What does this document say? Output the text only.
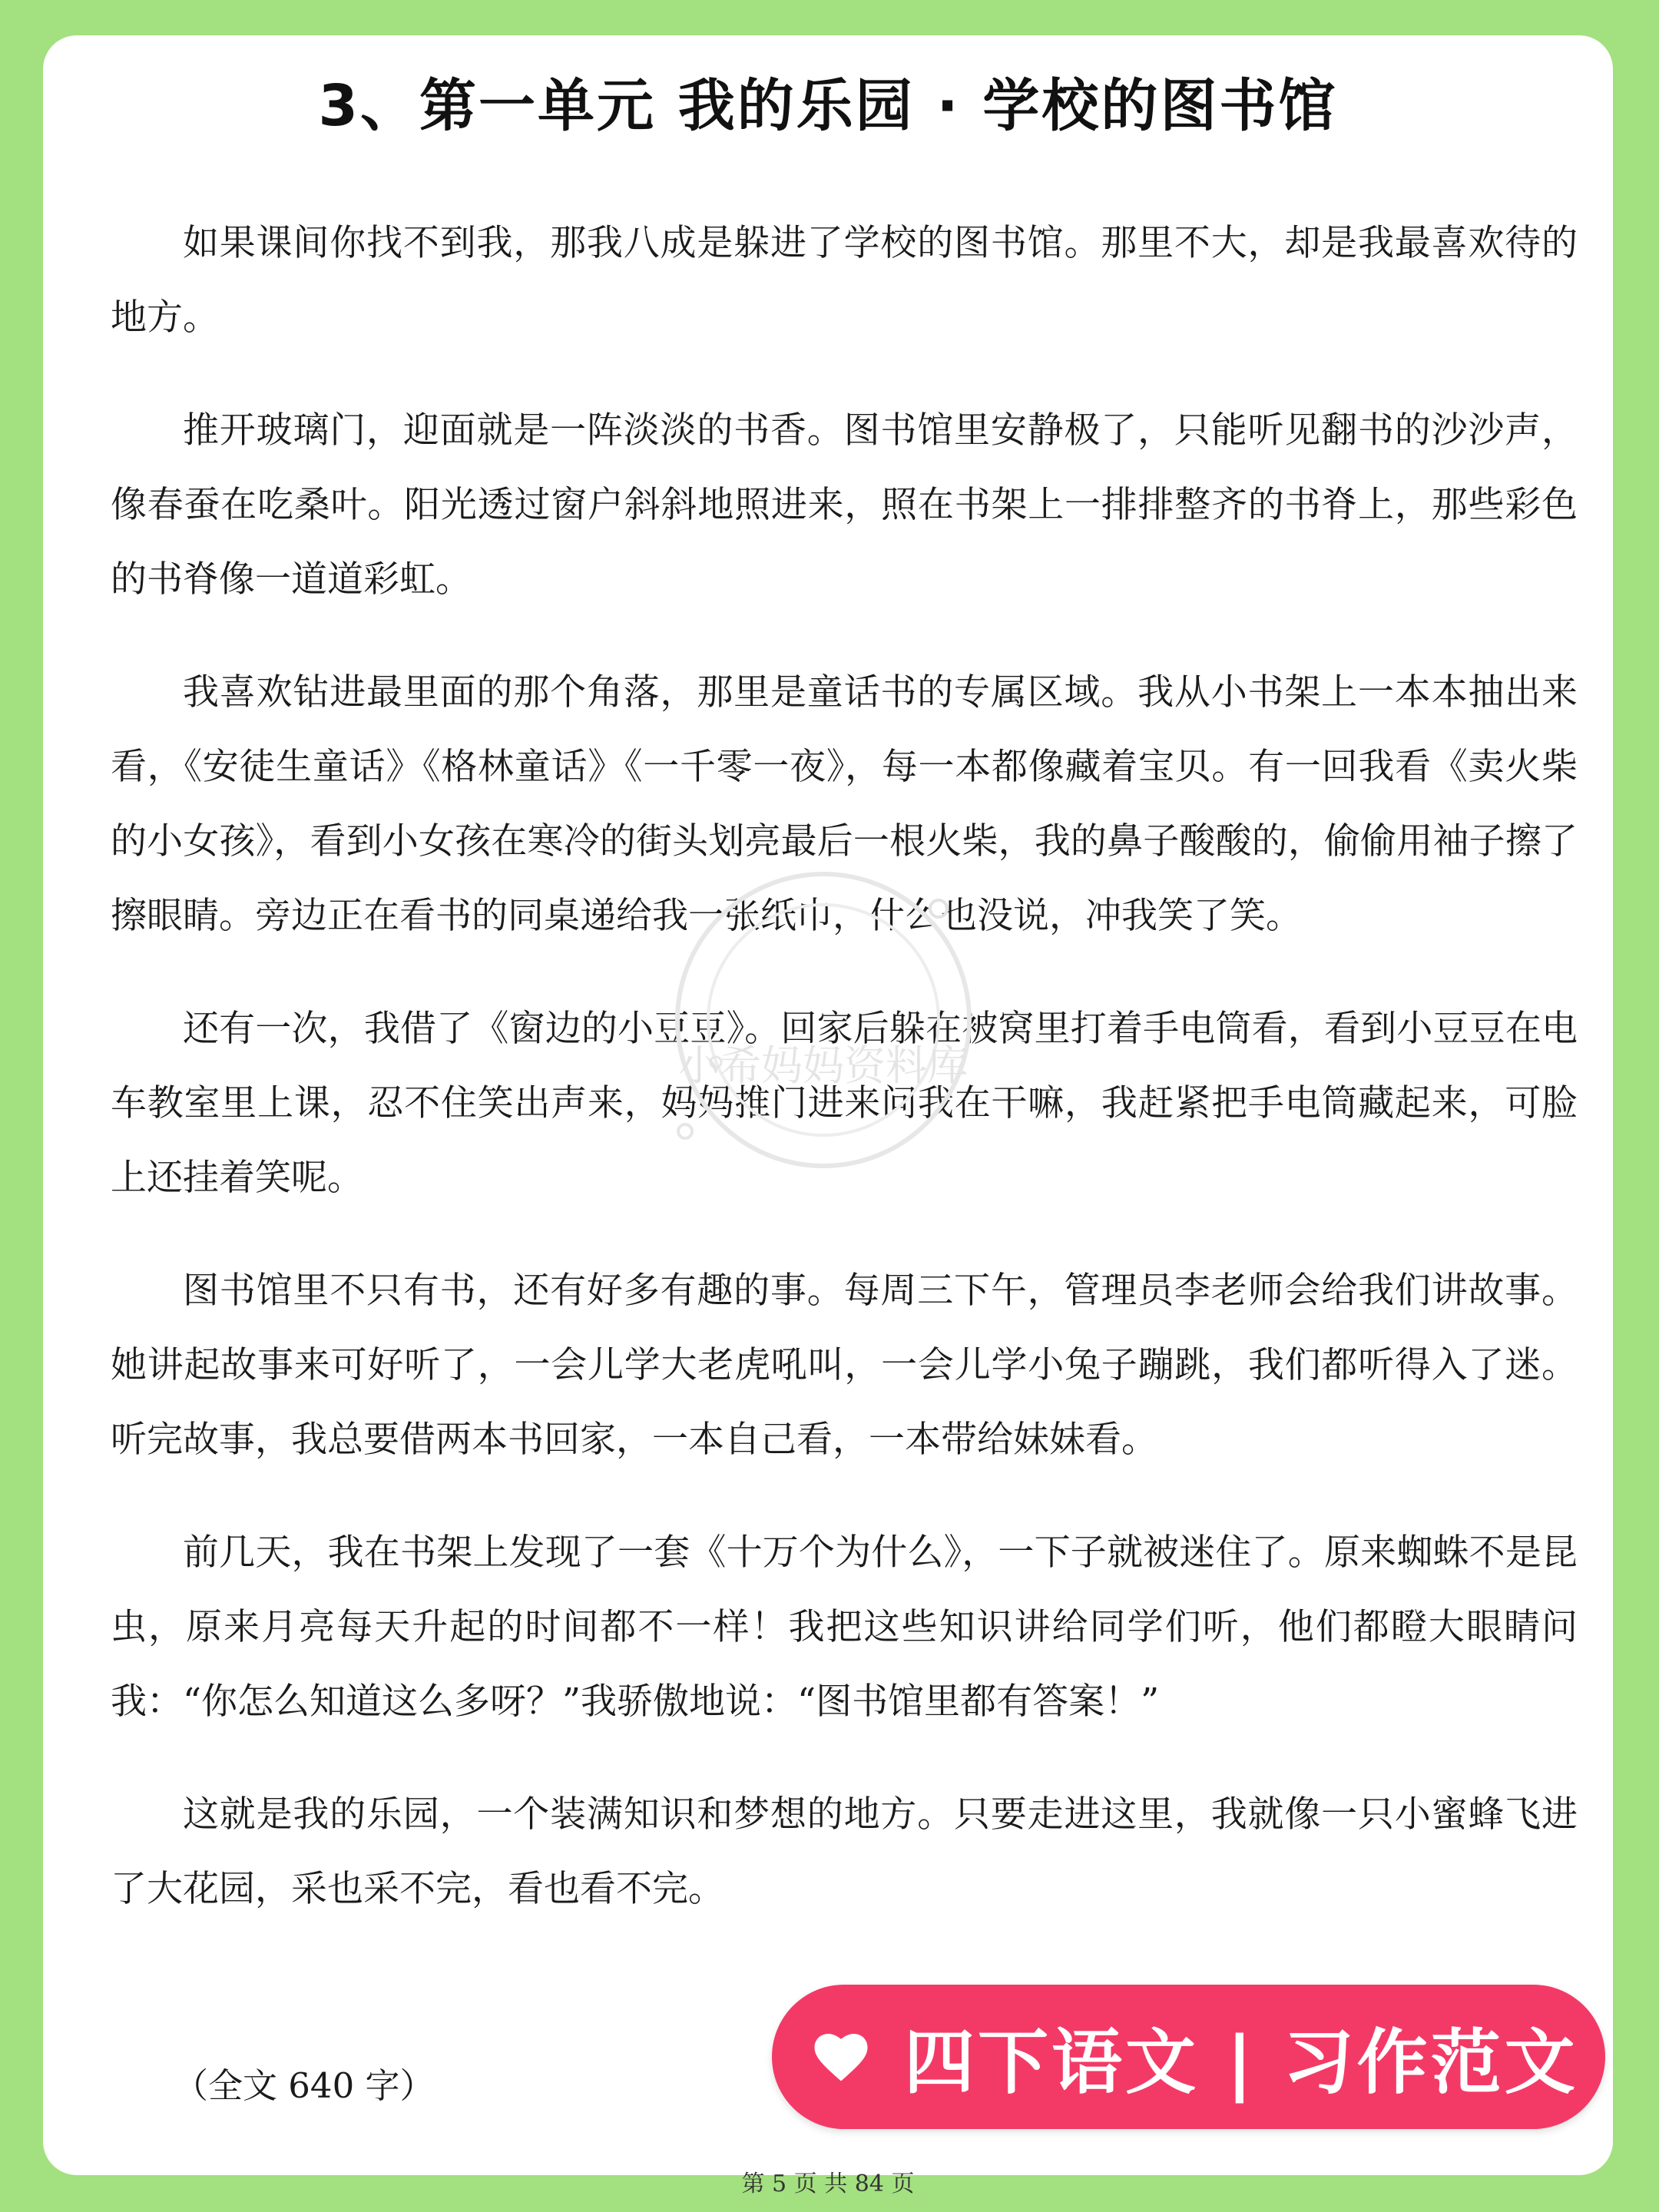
3、第一单元 我的乐园 · 学校的图书馆

如果课间你找不到我，那我八成是躲进了学校的图书馆。那里不大，却是我最喜欢待的地方。

推开玻璃门，迎面就是一阵淡淡的书香。图书馆里安静极了，只能听见翻书的沙沙声，像春蚕在吃桑叶。阳光透过窗户斜斜地照进来，照在书架上一排排整齐的书脊上，那些彩色的书脊像一道道彩虹。

我喜欢钻进最里面的那个角落，那里是童话书的专属区域。我从小书架上一本本抽出来看，《安徒生童话》《格林童话》《一千零一夜》，每一本都像藏着宝贝。有一回我看《卖火柴的小女孩》，看到小女孩在寒冷的街头划亮最后一根火柴，我的鼻子酸酸的，偷偷用袖子擦了擦眼睛。旁边正在看书的同桌递给我一张纸巾，什么也没说，冲我笑了笑。

还有一次，我借了《窗边的小豆豆》。回家后躲在被窝里打着手电筒看，看到小豆豆在电车教室里上课，忍不住笑出声来，妈妈推门进来问我在干嘛，我赶紧把手电筒藏起来，可脸上还挂着笑呢。

图书馆里不只有书，还有好多有趣的事。每周三下午，管理员李老师会给我们讲故事。她讲起故事来可好听了，一会儿学大老虎吼叫，一会儿学小兔子蹦跳，我们都听得入了迷。听完故事，我总要借两本书回家，一本自己看，一本带给妹妹看。

前几天，我在书架上发现了一套《十万个为什么》，一下子就被迷住了。原来蜘蛛不是昆虫，原来月亮每天升起的时间都不一样！我把这些知识讲给同学们听，他们都瞪大眼睛问我：“你怎么知道这么多呀？”我骄傲地说：“图书馆里都有答案！”

这就是我的乐园，一个装满知识和梦想的地方。只要走进这里，我就像一只小蜜蜂飞进了大花园，采也采不完，看也看不完。

（全文 640 字）
第 5 页 共 84 页
小希妈妈资料库
四下语文 | 习作范文
